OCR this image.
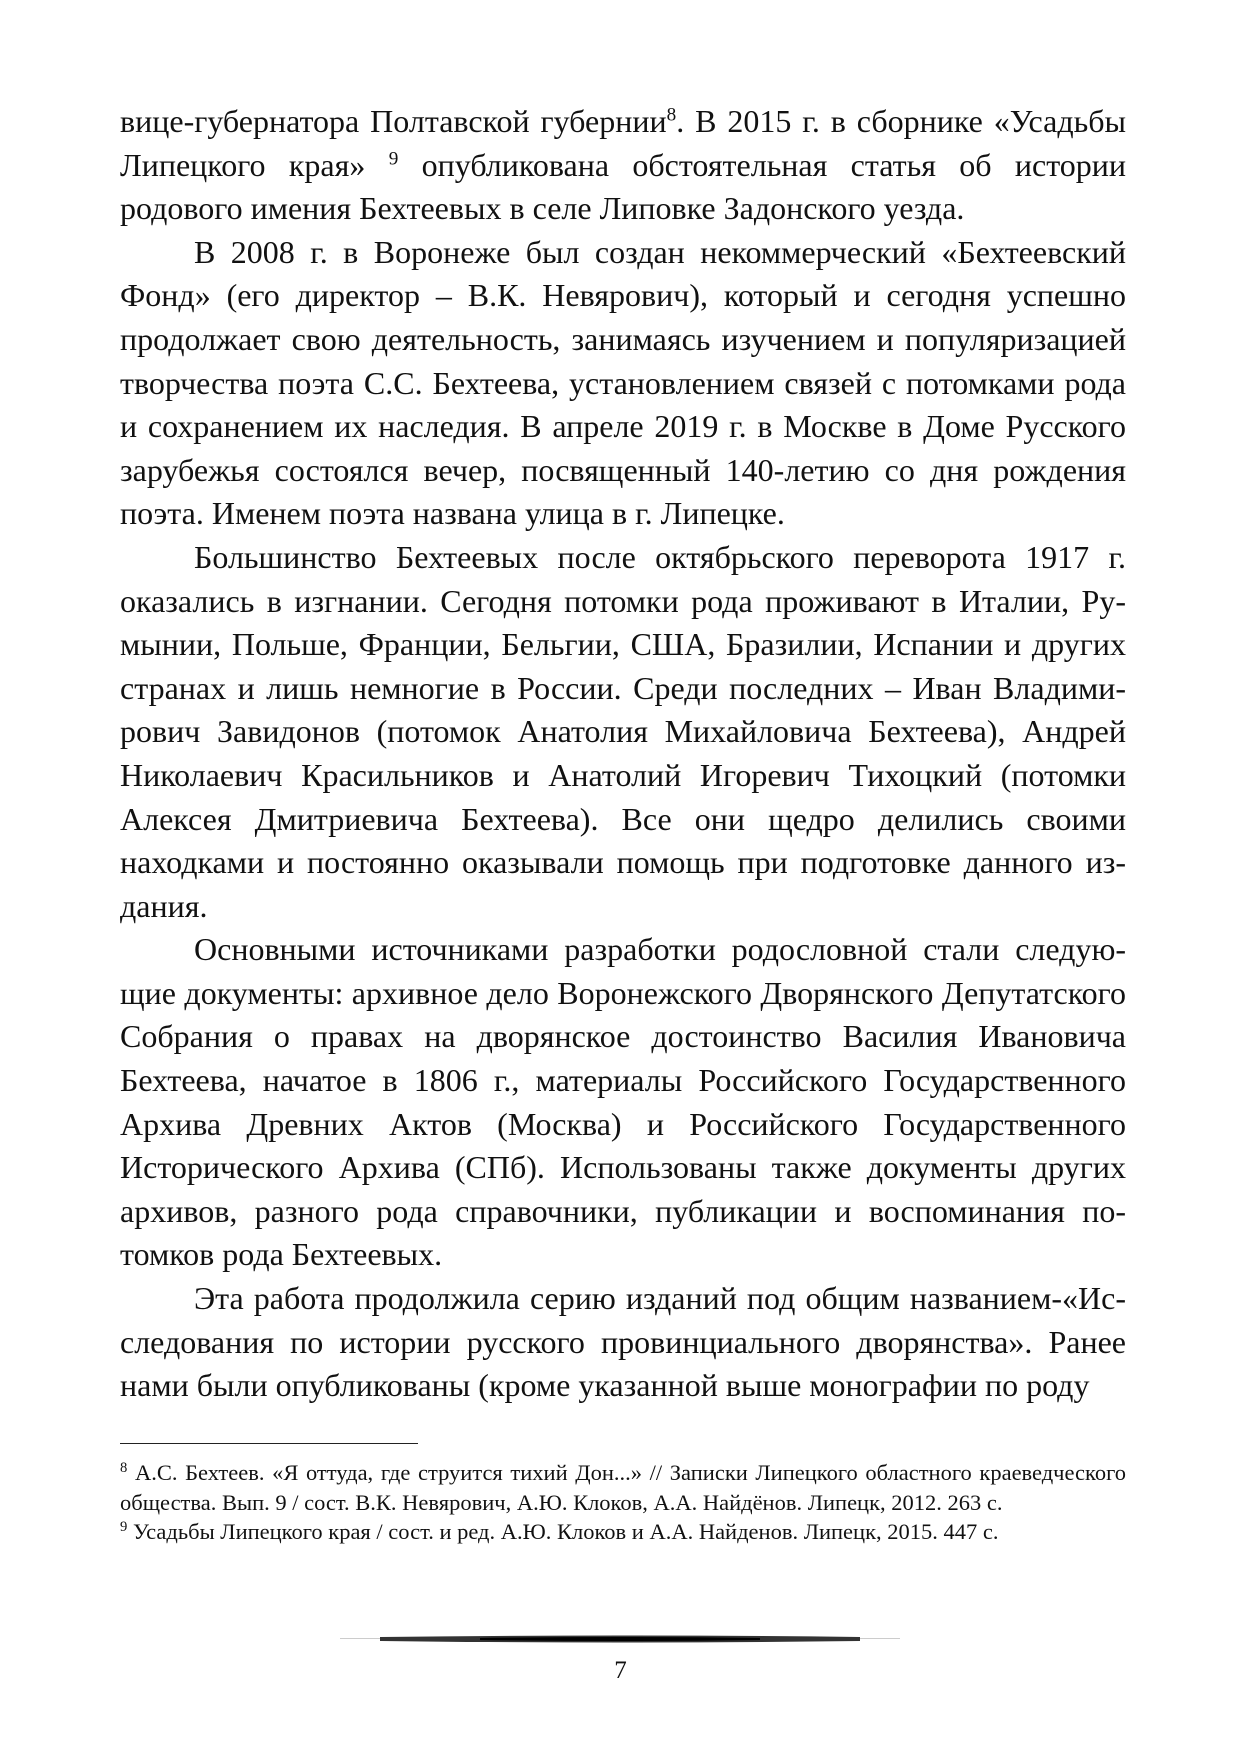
вице-губернатора Полтавской губернии$^8$. В 2015 г. в сборнике «Усадьбы Липецкого края» $^9$ опубликована обстоятельная статья об истории родового имения Бехтеевых в селе Липовке Задонского уезда.

В 2008 г. в Воронеже был создан некоммерческий «Бехтеевский Фонд» (его директор – В.К. Невярович), который и сегодня успешно продолжает свою деятельность, занимаясь изучением и популяризацией творчества поэта С.С. Бехтеева, установлением связей с потомками рода и сохранением их наследия. В апреле 2019 г. в Москве в Доме Русского зарубежья состоялся вечер, посвященный 140-летию со дня рождения поэта. Именем поэта названа улица в г. Липецке.

Большинство Бехтеевых после октябрьского переворота 1917 г. оказались в изгнании. Сегодня потомки рода проживают в Италии, Румынии, Польше, Франции, Бельгии, США, Бразилии, Испании и других странах и лишь немногие в России. Среди последних – Иван Владимирович Завидонов (потомок Анатолия Михайловича Бехтеева), Андрей Николаевич Красильников и Анатолий Игоревич Тихоцкий (потомки Алексея Дмитриевича Бехтеева). Все они щедро делились своими находками и постоянно оказывали помощь при подготовке данного издания.

Основными источниками разработки родословной стали следующие документы: архивное дело Воронежского Дворянского Депутатского Собрания о правах на дворянское достоинство Василия Ивановича Бехтеева, начатое в 1806 г., материалы Российского Государственного Архива Древних Актов (Москва) и Российского Государственного Исторического Архива (СПб). Использованы также документы других архивов, разного рода справочники, публикации и воспоминания потомков рода Бехтеевых.

Эта работа продолжила серию изданий под общим названием-«Исследования по истории русского провинциального дворянства». Ранее нами были опубликованы (кроме указанной выше монографии по роду

$^8$ А.С. Бехтеев. «Я оттуда, где струится тихий Дон...» // Записки Липецкого областного краеведческого общества. Вып. 9 / сост. В.К. Невярович, А.Ю. Клоков, А.А. Найдёнов. Липецк, 2012. 263 с.

$^9$ Усадьбы Липецкого края / сост. и ред. А.Ю. Клоков и А.А. Найденов. Липецк, 2015. 447 с.

7
